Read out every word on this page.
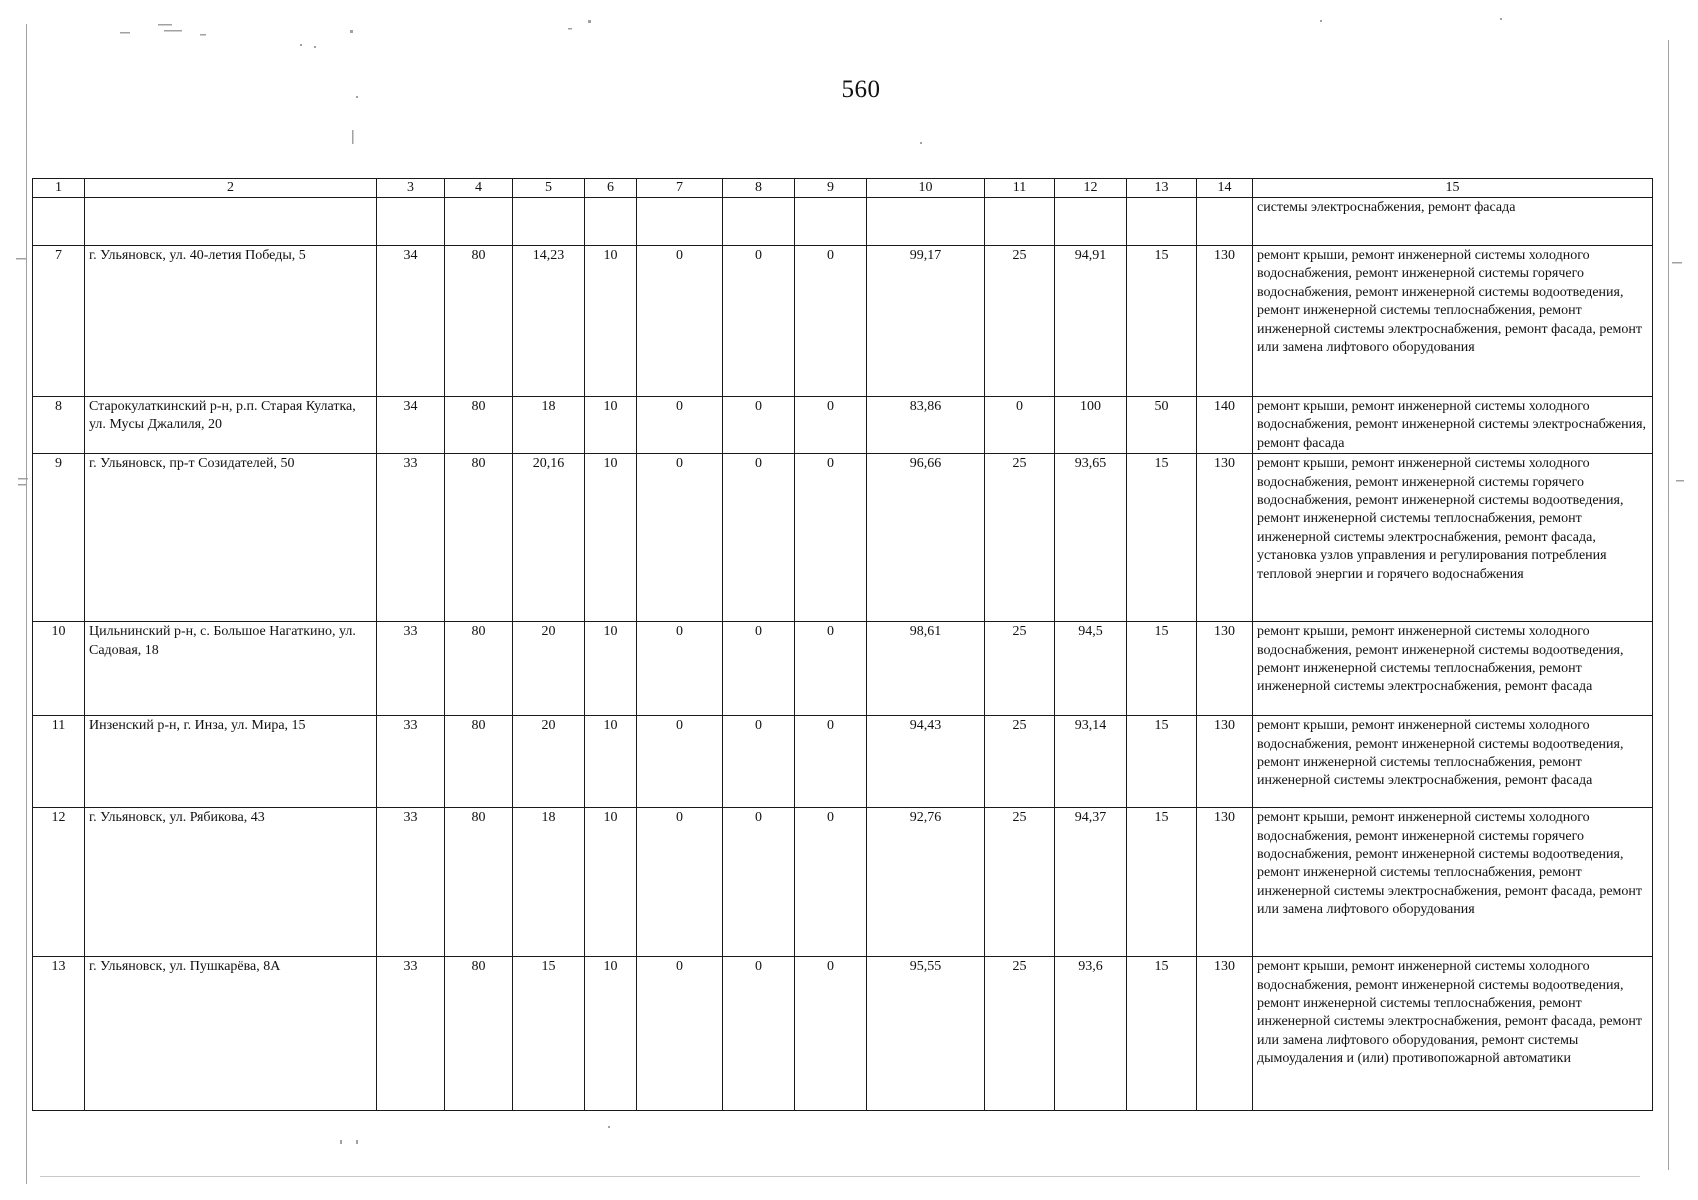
560
1	2	3	4	5	6	7	8	9	10	11	12	13	14	15
														системы электроснабжения, ремонт фасада
7	г. Ульяновск, ул. 40-летия Победы, 5	34	80	14,23	10	0	0	0	99,17	25	94,91	15	130	ремонт крыши, ремонт инженерной системы холодного водоснабжения, ремонт инженерной системы горячего водоснабжения, ремонт инженерной системы водоотведения, ремонт инженерной системы теплоснабжения, ремонт инженерной системы электроснабжения, ремонт фасада, ремонт или замена лифтового оборудования
8	Старокулаткинский р-н, р.п. Старая Кулатка, ул. Мусы Джалиля, 20	34	80	18	10	0	0	0	83,86	0	100	50	140	ремонт крыши, ремонт инженерной системы холодного водоснабжения, ремонт инженерной системы электроснабжения, ремонт фасада
9	г. Ульяновск, пр-т Созидателей, 50	33	80	20,16	10	0	0	0	96,66	25	93,65	15	130	ремонт крыши, ремонт инженерной системы холодного водоснабжения, ремонт инженерной системы горячего водоснабжения, ремонт инженерной системы водоотведения, ремонт инженерной системы теплоснабжения, ремонт инженерной системы электроснабжения, ремонт фасада, установка узлов управления и регулирования потребления тепловой энергии и горячего водоснабжения
10	Цильнинский р-н, с. Большое Нагаткино, ул. Садовая, 18	33	80	20	10	0	0	0	98,61	25	94,5	15	130	ремонт крыши, ремонт инженерной системы холодного водоснабжения, ремонт инженерной системы водоотведения, ремонт инженерной системы теплоснабжения, ремонт инженерной системы электроснабжения, ремонт фасада
11	Инзенский р-н, г. Инза, ул. Мира, 15	33	80	20	10	0	0	0	94,43	25	93,14	15	130	ремонт крыши, ремонт инженерной системы холодного водоснабжения, ремонт инженерной системы водоотведения, ремонт инженерной системы теплоснабжения, ремонт инженерной системы электроснабжения, ремонт фасада
12	г. Ульяновск, ул. Рябикова, 43	33	80	18	10	0	0	0	92,76	25	94,37	15	130	ремонт крыши, ремонт инженерной системы холодного водоснабжения, ремонт инженерной системы горячего водоснабжения, ремонт инженерной системы водоотведения, ремонт инженерной системы теплоснабжения, ремонт инженерной системы электроснабжения, ремонт фасада, ремонт или замена лифтового оборудования
13	г. Ульяновск, ул. Пушкарёва, 8А	33	80	15	10	0	0	0	95,55	25	93,6	15	130	ремонт крыши, ремонт инженерной системы холодного водоснабжения, ремонт инженерной системы водоотведения, ремонт инженерной системы теплоснабжения, ремонт инженерной системы электроснабжения, ремонт фасада, ремонт или замена лифтового оборудования, ремонт системы дымоудаления и (или) противопожарной автоматики
